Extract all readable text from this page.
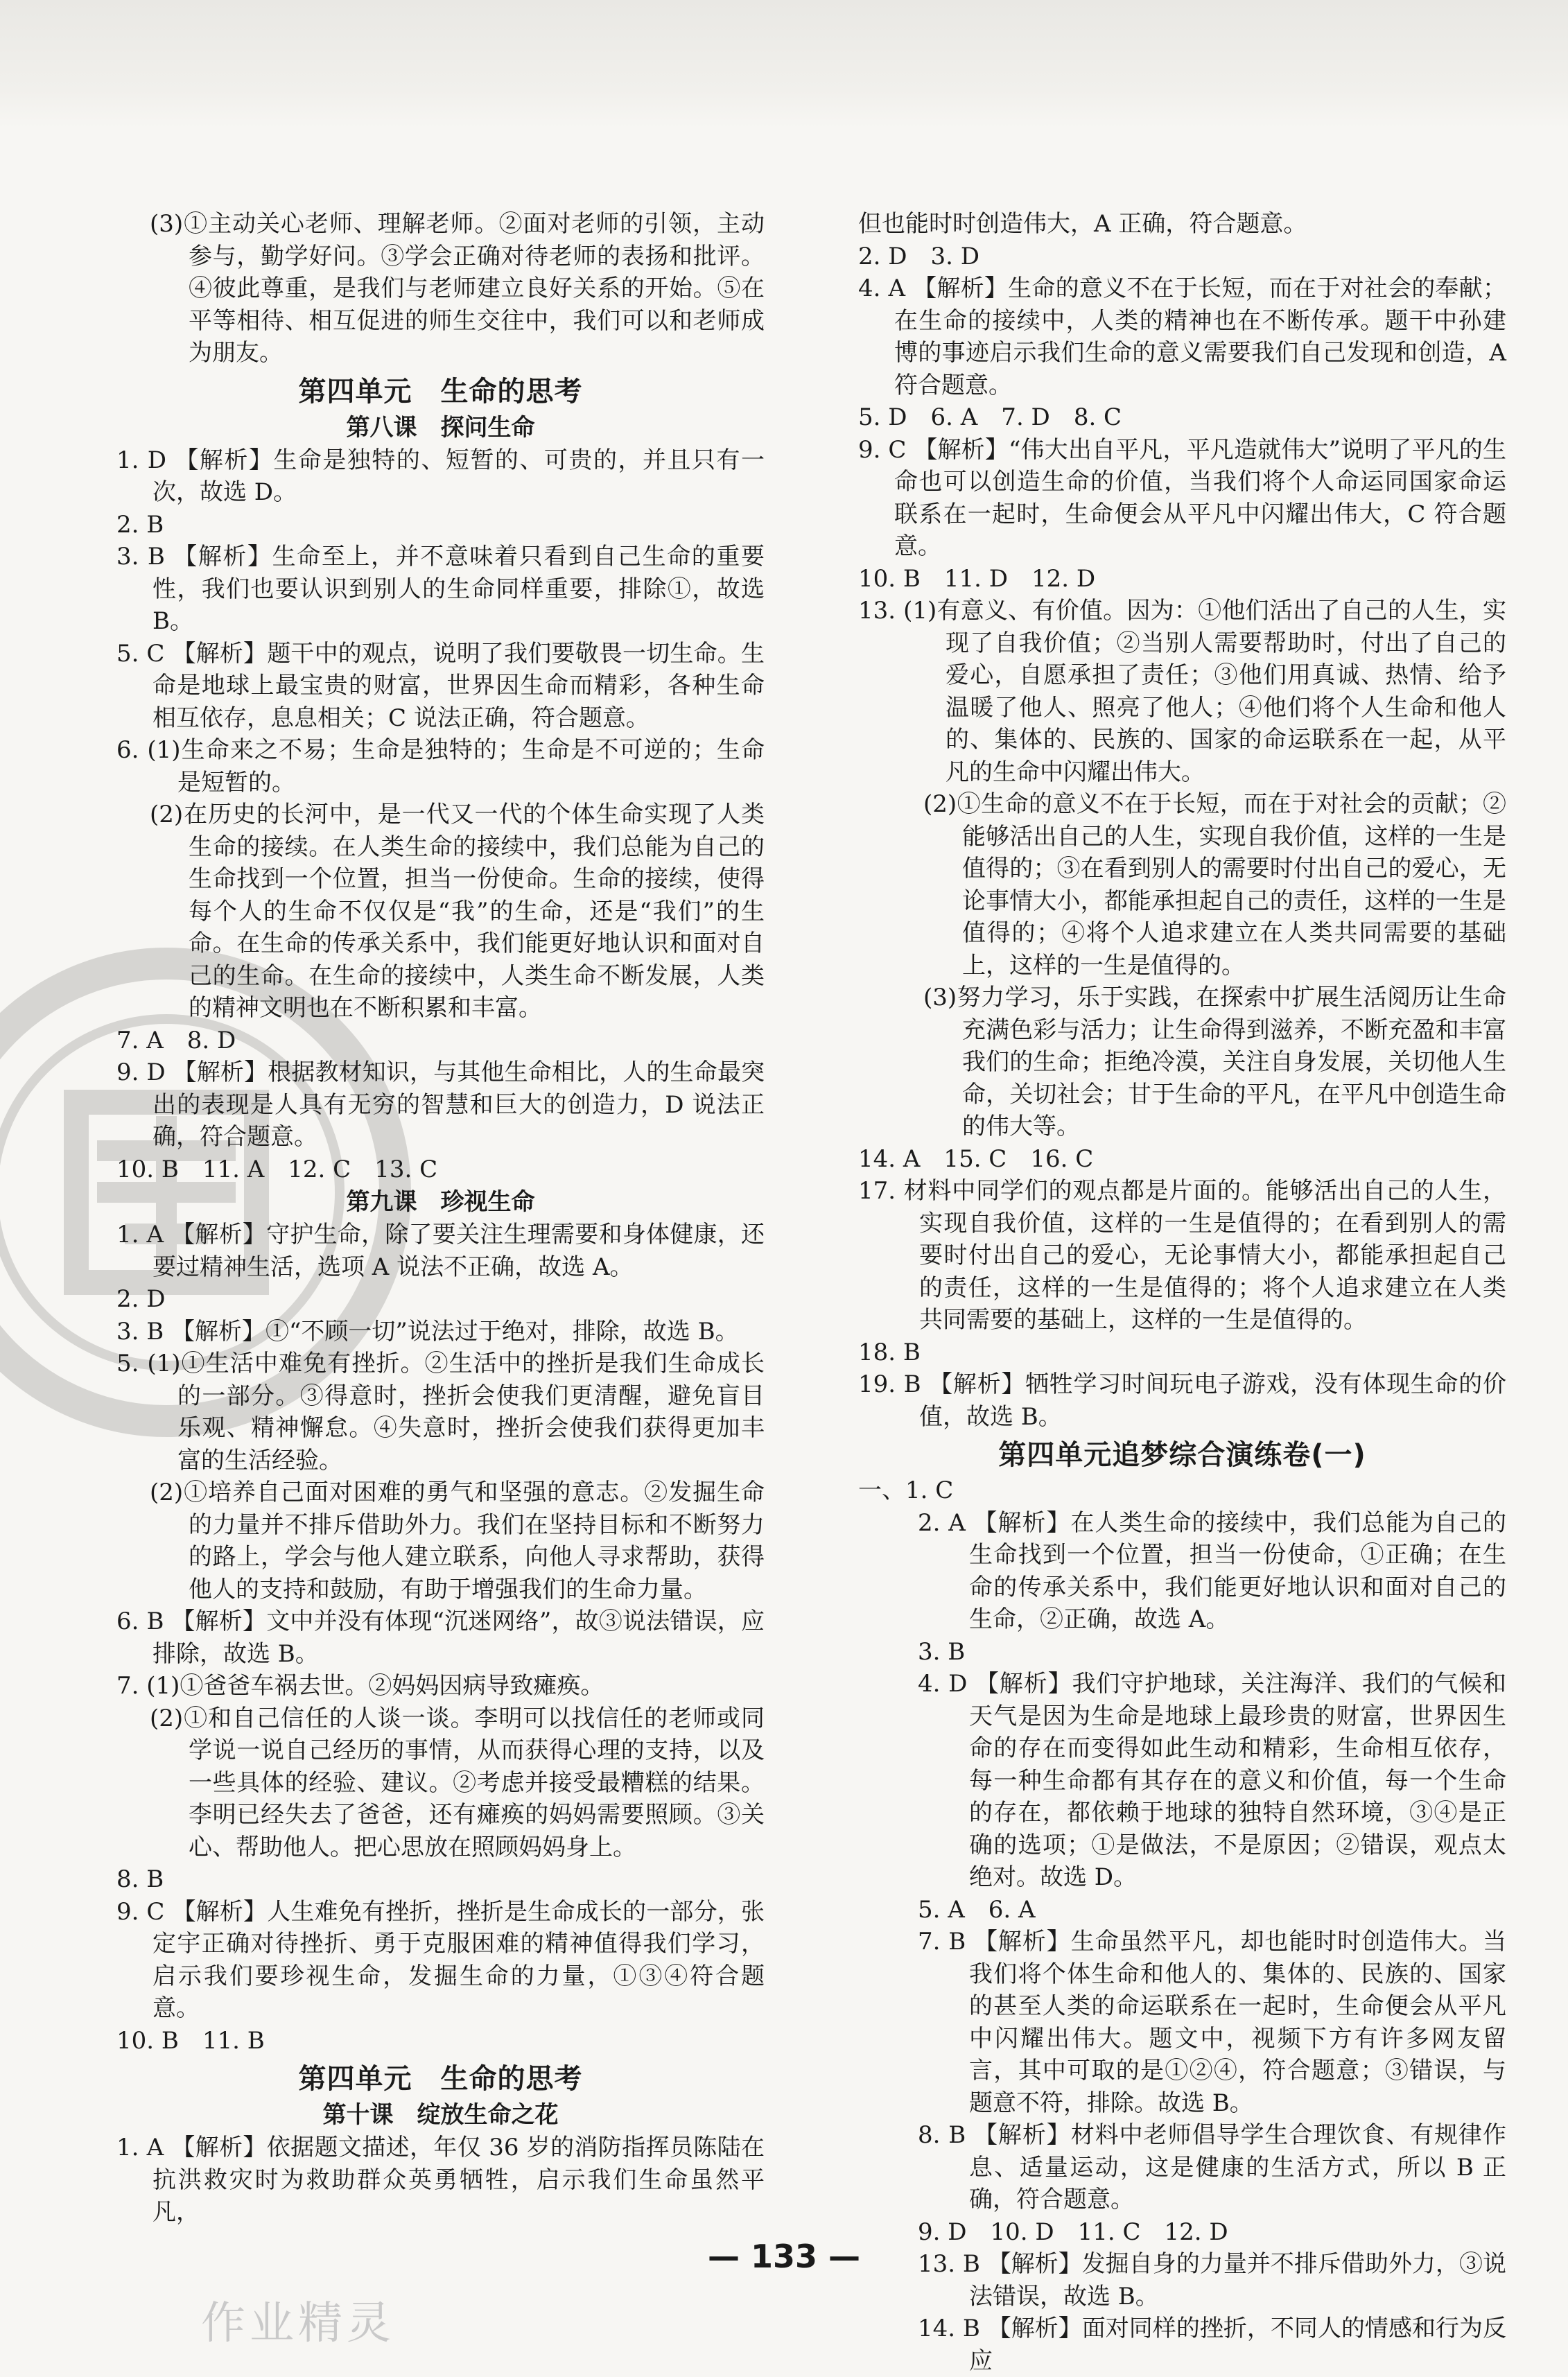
(3)①主动关心老师、理解老师。②面对老师的引领，主动参与，勤学好问。③学会正确对待老师的表扬和批评。④彼此尊重，是我们与老师建立良好关系的开始。⑤在平等相待、相互促进的师生交往中，我们可以和老师成为朋友。

第四单元　生命的思考

第八课　探问生命

1. D 【解析】生命是独特的、短暂的、可贵的，并且只有一次，故选 D。

2. B

3. B 【解析】生命至上，并不意味着只看到自己生命的重要性，我们也要认识到别人的生命同样重要，排除①，故选 B。

5. C 【解析】题干中的观点，说明了我们要敬畏一切生命。生命是地球上最宝贵的财富，世界因生命而精彩，各种生命相互依存，息息相关；C 说法正确，符合题意。

6. (1)生命来之不易；生命是独特的；生命是不可逆的；生命是短暂的。

(2)在历史的长河中，是一代又一代的个体生命实现了人类生命的接续。在人类生命的接续中，我们总能为自己的生命找到一个位置，担当一份使命。生命的接续，使得每个人的生命不仅仅是“我”的生命，还是“我们”的生命。在生命的传承关系中，我们能更好地认识和面对自己的生命。在生命的接续中，人类生命不断发展，人类的精神文明也在不断积累和丰富。

7. A　8. D

9. D 【解析】根据教材知识，与其他生命相比，人的生命最突出的表现是人具有无穷的智慧和巨大的创造力，D 说法正确，符合题意。

10. B　11. A　12. C　13. C

第九课　珍视生命

1. A 【解析】守护生命，除了要关注生理需要和身体健康，还要过精神生活，选项 A 说法不正确，故选 A。

2. D

3. B 【解析】①“不顾一切”说法过于绝对，排除，故选 B。

5. (1)①生活中难免有挫折。②生活中的挫折是我们生命成长的一部分。③得意时，挫折会使我们更清醒，避免盲目乐观、精神懈怠。④失意时，挫折会使我们获得更加丰富的生活经验。

(2)①培养自己面对困难的勇气和坚强的意志。②发掘生命的力量并不排斥借助外力。我们在坚持目标和不断努力的路上，学会与他人建立联系，向他人寻求帮助，获得他人的支持和鼓励，有助于增强我们的生命力量。

6. B 【解析】文中并没有体现“沉迷网络”，故③说法错误，应排除，故选 B。

7. (1)①爸爸车祸去世。②妈妈因病导致瘫痪。

(2)①和自己信任的人谈一谈。李明可以找信任的老师或同学说一说自己经历的事情，从而获得心理的支持，以及一些具体的经验、建议。②考虑并接受最糟糕的结果。李明已经失去了爸爸，还有瘫痪的妈妈需要照顾。③关心、帮助他人。把心思放在照顾妈妈身上。

8. B

9. C 【解析】人生难免有挫折，挫折是生命成长的一部分，张定宇正确对待挫折、勇于克服困难的精神值得我们学习，启示我们要珍视生命，发掘生命的力量，①③④符合题意。

10. B　11. B

第四单元　生命的思考

第十课　绽放生命之花

1. A 【解析】依据题文描述，年仅 36 岁的消防指挥员陈陆在抗洪救灾时为救助群众英勇牺牲，启示我们生命虽然平凡，

但也能时时创造伟大，A 正确，符合题意。

2. D　3. D

4. A 【解析】生命的意义不在于长短，而在于对社会的奉献；在生命的接续中，人类的精神也在不断传承。题干中孙建博的事迹启示我们生命的意义需要我们自己发现和创造，A 符合题意。

5. D　6. A　7. D　8. C

9. C 【解析】“伟大出自平凡，平凡造就伟大”说明了平凡的生命也可以创造生命的价值，当我们将个人命运同国家命运联系在一起时，生命便会从平凡中闪耀出伟大，C 符合题意。

10. B　11. D　12. D

13. (1)有意义、有价值。因为：①他们活出了自己的人生，实现了自我价值；②当别人需要帮助时，付出了自己的爱心，自愿承担了责任；③他们用真诚、热情、给予温暖了他人、照亮了他人；④他们将个人生命和他人的、集体的、民族的、国家的命运联系在一起，从平凡的生命中闪耀出伟大。

(2)①生命的意义不在于长短，而在于对社会的贡献；②能够活出自己的人生，实现自我价值，这样的一生是值得的；③在看到别人的需要时付出自己的爱心，无论事情大小，都能承担起自己的责任，这样的一生是值得的；④将个人追求建立在人类共同需要的基础上，这样的一生是值得的。

(3)努力学习，乐于实践，在探索中扩展生活阅历让生命充满色彩与活力；让生命得到滋养，不断充盈和丰富我们的生命；拒绝冷漠，关注自身发展，关切他人生命，关切社会；甘于生命的平凡，在平凡中创造生命的伟大等。

14. A　15. C　16. C

17. 材料中同学们的观点都是片面的。能够活出自己的人生，实现自我价值，这样的一生是值得的；在看到别人的需要时付出自己的爱心，无论事情大小，都能承担起自己的责任，这样的一生是值得的；将个人追求建立在人类共同需要的基础上，这样的一生是值得的。

18. B

19. B 【解析】牺牲学习时间玩电子游戏，没有体现生命的价值，故选 B。

第四单元追梦综合演练卷(一)

一、1. C

2. A 【解析】在人类生命的接续中，我们总能为自己的生命找到一个位置，担当一份使命，①正确；在生命的传承关系中，我们能更好地认识和面对自己的生命，②正确，故选 A。

3. B

4. D 【解析】我们守护地球，关注海洋、我们的气候和天气是因为生命是地球上最珍贵的财富，世界因生命的存在而变得如此生动和精彩，生命相互依存，每一种生命都有其存在的意义和价值，每一个生命的存在，都依赖于地球的独特自然环境，③④是正确的选项；①是做法，不是原因；②错误，观点太绝对。故选 D。

5. A　6. A

7. B 【解析】生命虽然平凡，却也能时时创造伟大。当我们将个体生命和他人的、集体的、民族的、国家的甚至人类的命运联系在一起时，生命便会从平凡中闪耀出伟大。题文中，视频下方有许多网友留言，其中可取的是①②④，符合题意；③错误，与题意不符，排除。故选 B。

8. B 【解析】材料中老师倡导学生合理饮食、有规律作息、适量运动，这是健康的生活方式，所以 B 正确，符合题意。

9. D　10. D　11. C　12. D

13. B 【解析】发掘自身的力量并不排斥借助外力，③说法错误，故选 B。

14. B 【解析】面对同样的挫折，不同人的情感和行为反应

— 133 —
作业精灵
